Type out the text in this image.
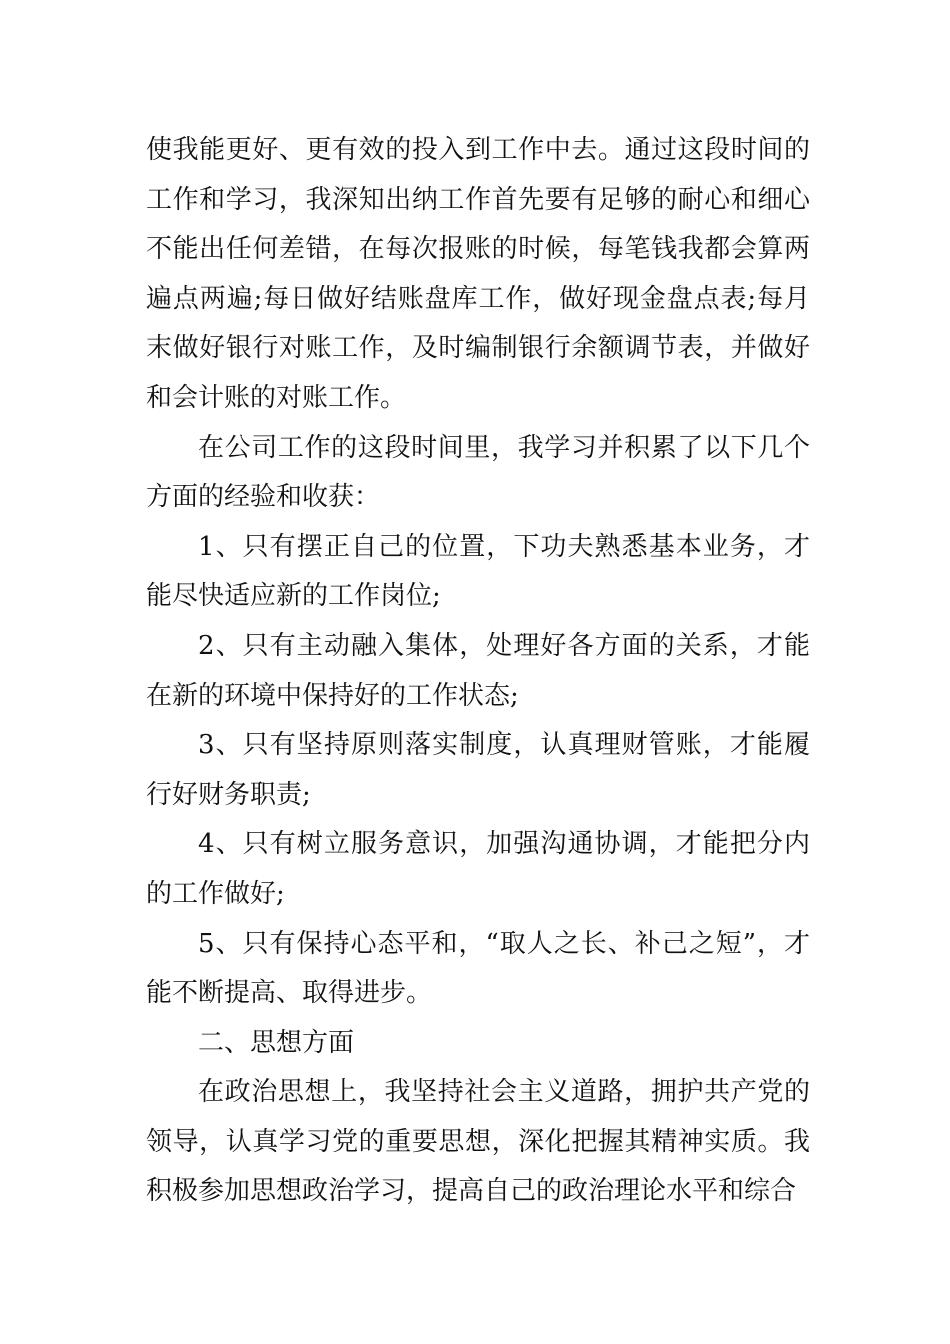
使我能更好、更有效的投入到工作中去。通过这段时间的工作和学习，我深知出纳工作首先要有足够的耐心和细心不能出任何差错，在每次报账的时候，每笔钱我都会算两遍点两遍;每日做好结账盘库工作，做好现金盘点表;每月末做好银行对账工作，及时编制银行余额调节表，并做好和会计账的对账工作。

在公司工作的这段时间里，我学习并积累了以下几个方面的经验和收获：

1、只有摆正自己的位置，下功夫熟悉基本业务，才能尽快适应新的工作岗位;

2、只有主动融入集体，处理好各方面的关系，才能在新的环境中保持好的工作状态;

3、只有坚持原则落实制度，认真理财管账，才能履行好财务职责;

4、只有树立服务意识，加强沟通协调，才能把分内的工作做好;

5、只有保持心态平和，“取人之长、补己之短”，才能不断提高、取得进步。

二、思想方面

在政治思想上，我坚持社会主义道路，拥护共产党的领导，认真学习党的重要思想，深化把握其精神实质。我积极参加思想政治学习，提高自己的政治理论水平和综合
